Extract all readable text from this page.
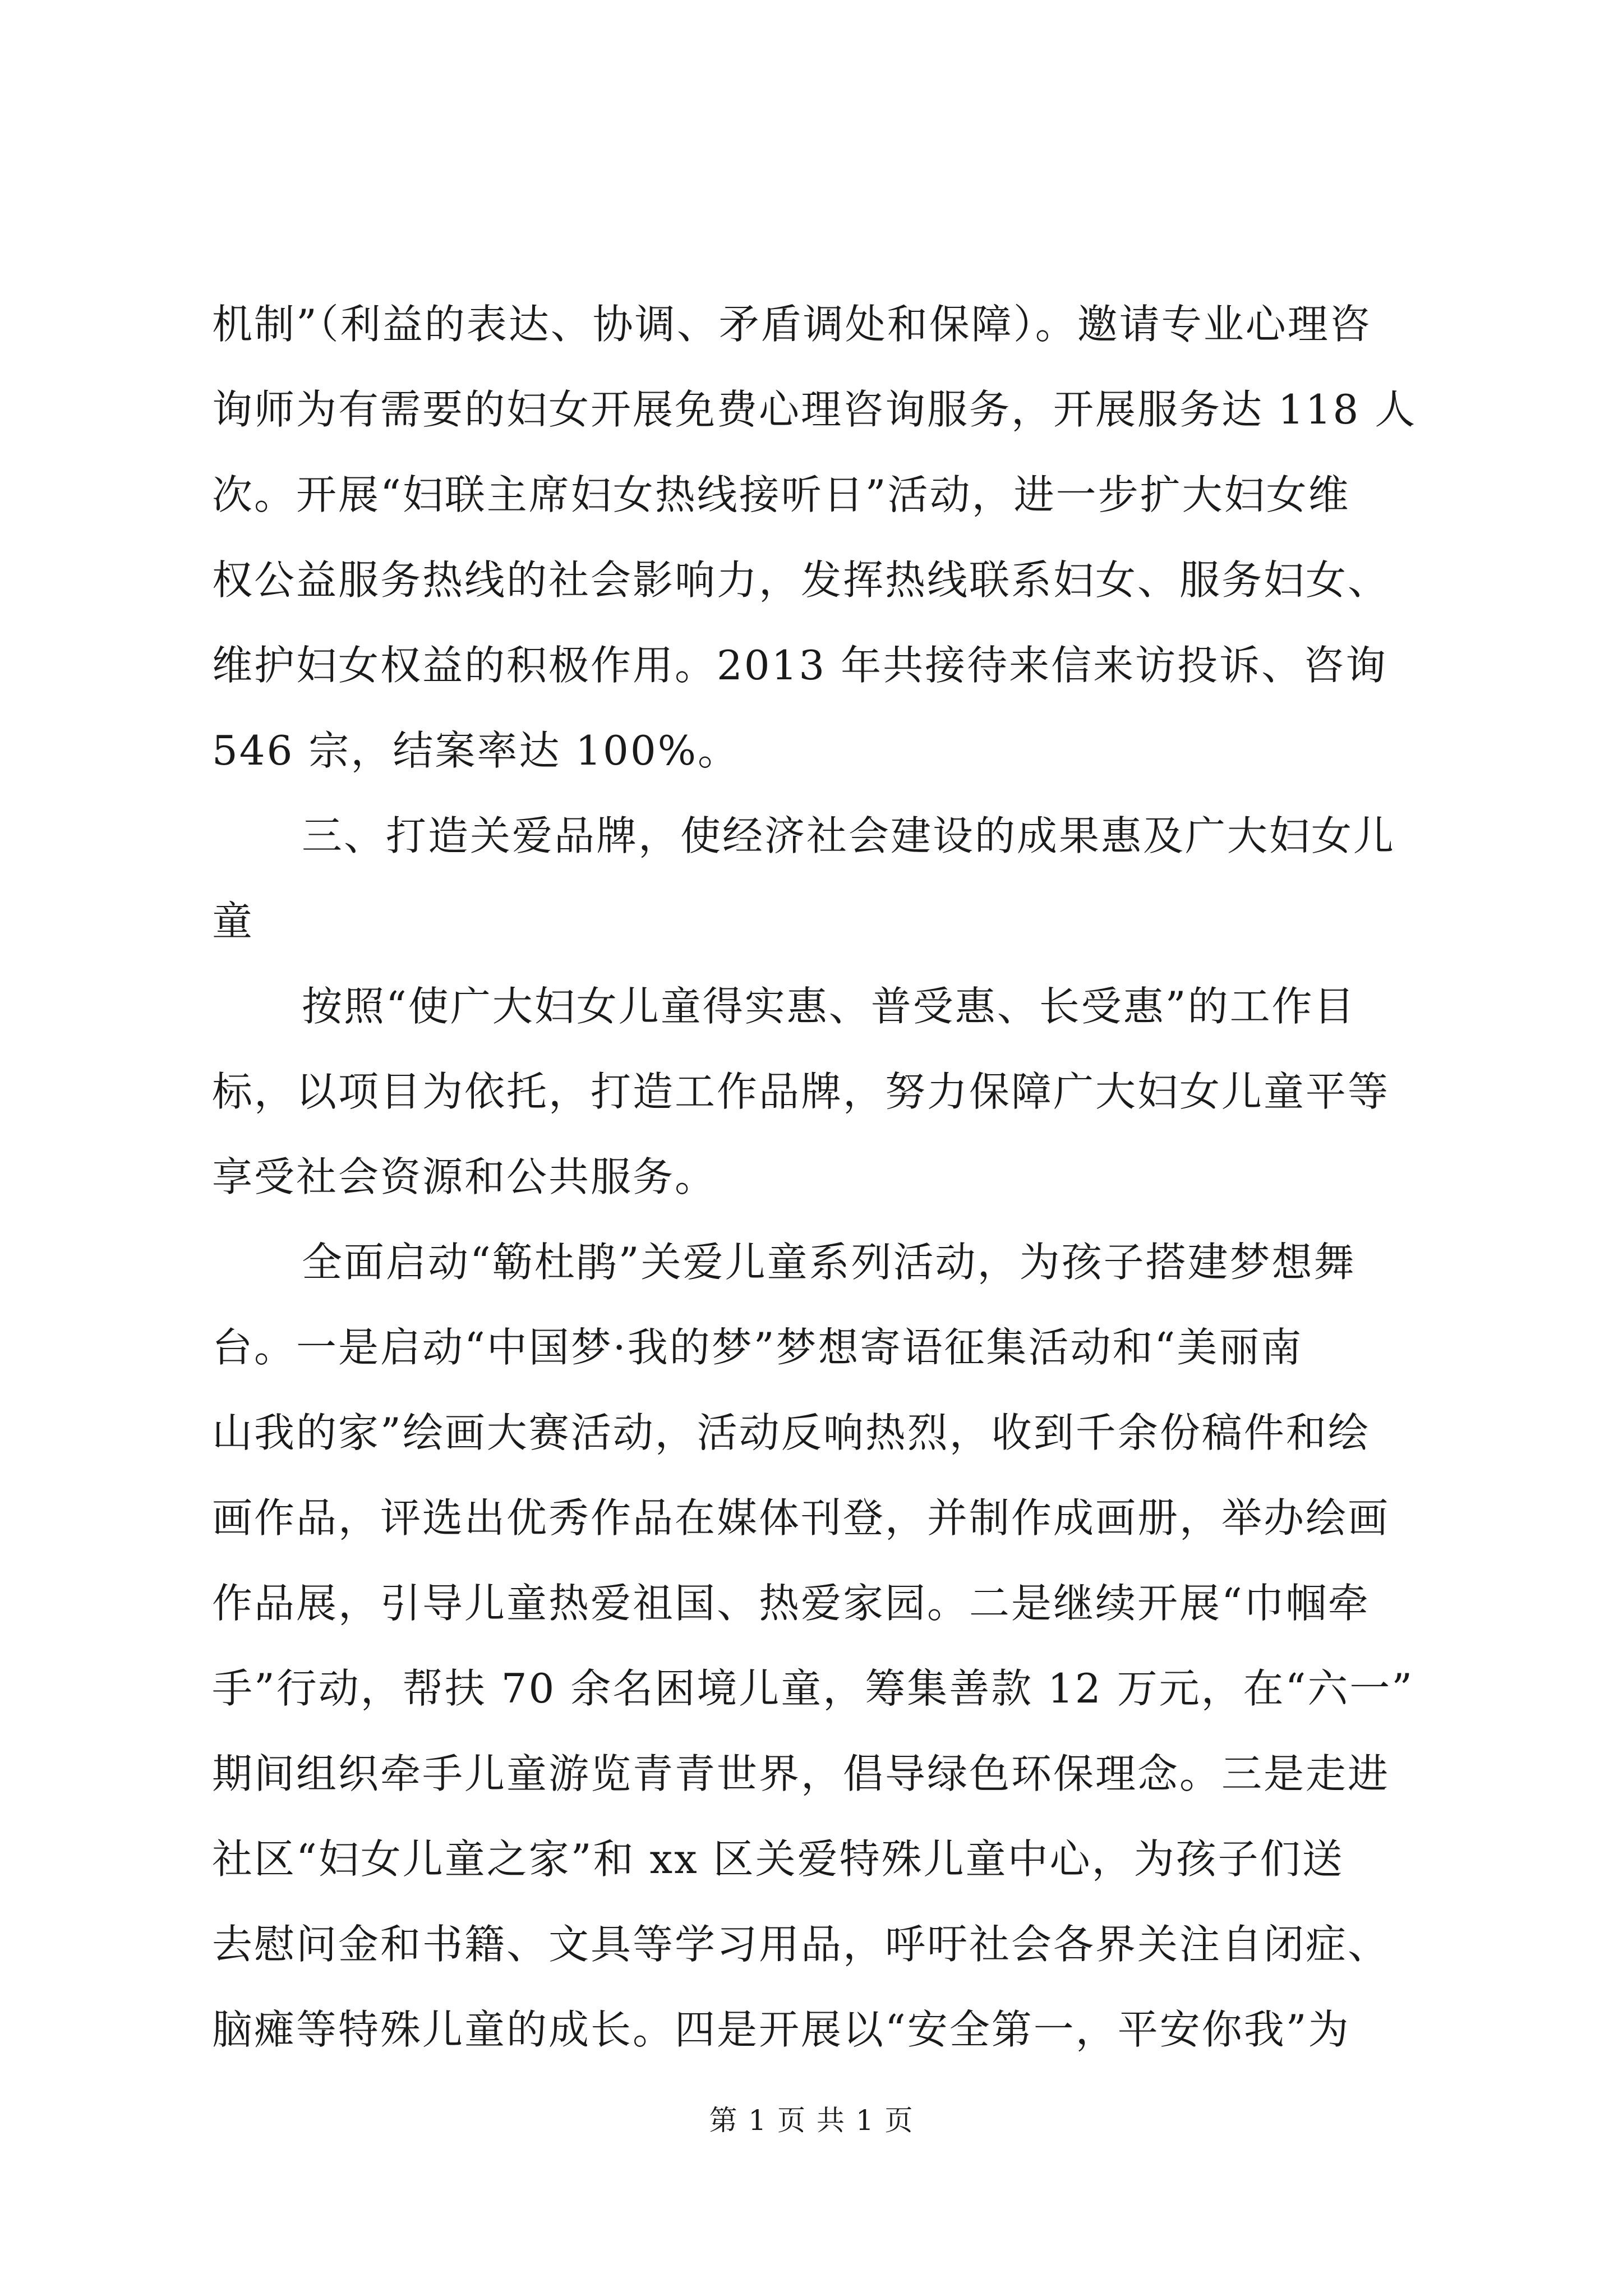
机制”（利益的表达、协调、矛盾调处和保障）。邀请专业心理咨
询师为有需要的妇女开展免费心理咨询服务，开展服务达 118 人
次。开展“妇联主席妇女热线接听日”活动，进一步扩大妇女维
权公益服务热线的社会影响力，发挥热线联系妇女、服务妇女、
维护妇女权益的积极作用。2013 年共接待来信来访投诉、咨询
546 宗，结案率达 100%。
三、打造关爱品牌，使经济社会建设的成果惠及广大妇女儿
童
按照“使广大妇女儿童得实惠、普受惠、长受惠”的工作目
标，以项目为依托，打造工作品牌，努力保障广大妇女儿童平等
享受社会资源和公共服务。
全面启动“簕杜鹃”关爱儿童系列活动，为孩子搭建梦想舞
台。一是启动“中国梦·我的梦”梦想寄语征集活动和“美丽南
山我的家”绘画大赛活动，活动反响热烈，收到千余份稿件和绘
画作品，评选出优秀作品在媒体刊登，并制作成画册，举办绘画
作品展，引导儿童热爱祖国、热爱家园。二是继续开展“巾帼牵
手”行动，帮扶 70 余名困境儿童，筹集善款 12 万元，在“六一”
期间组织牵手儿童游览青青世界，倡导绿色环保理念。三是走进
社区“妇女儿童之家”和 xx 区关爱特殊儿童中心，为孩子们送
去慰问金和书籍、文具等学习用品，呼吁社会各界关注自闭症、
脑瘫等特殊儿童的成长。四是开展以“安全第一，平安你我”为
第 1 页 共 1 页
